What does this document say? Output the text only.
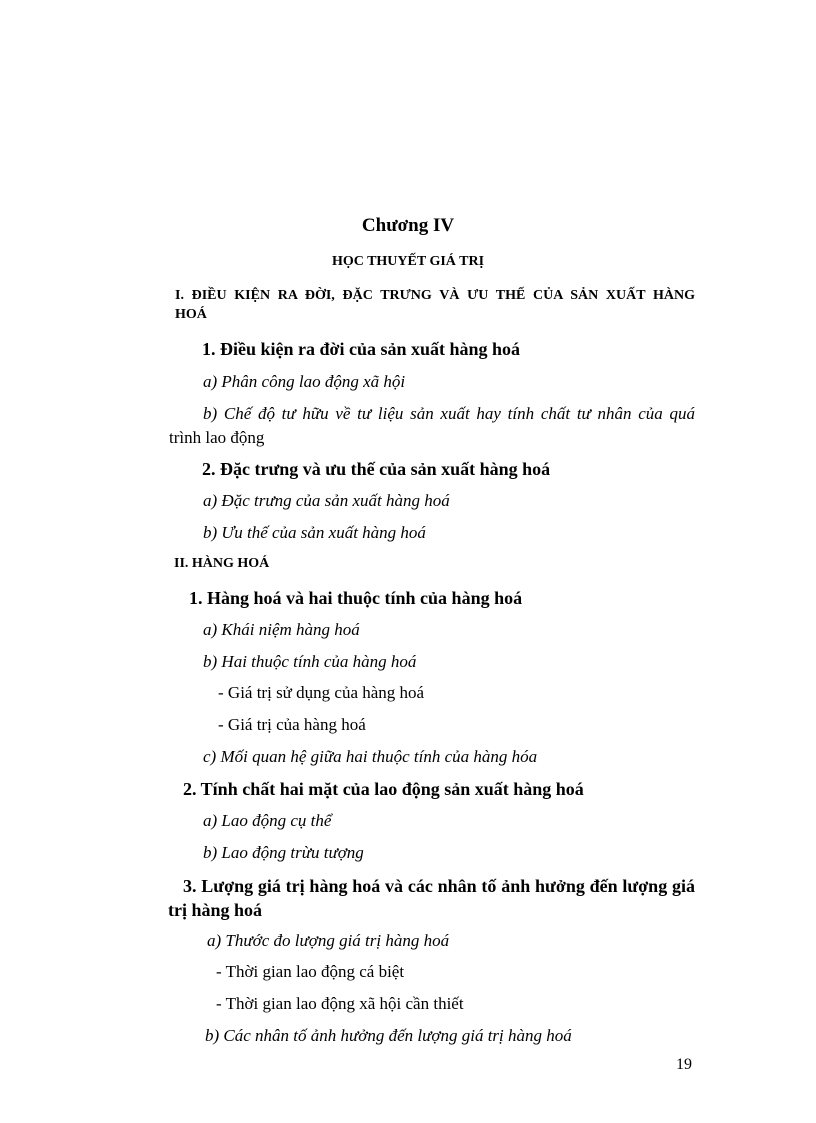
Chương IV
HỌC THUYẾT GIÁ TRỊ
I. ĐIỀU KIỆN RA ĐỜI, ĐẶC TRƯNG VÀ ƯU THẾ CỦA SẢN XUẤT HÀNG
HOÁ
1. Điều kiện ra đời của sản xuất hàng hoá
a) Phân công lao động xã hội
b) Chế độ tư hữu về tư liệu sản xuất hay tính chất tư nhân của quá
trình lao động
2. Đặc trưng và ưu thế của sản xuất hàng hoá
a) Đặc trưng của sản xuất hàng hoá
b) Ưu thế của sản xuất hàng hoá
II. HÀNG HOÁ
1. Hàng hoá và hai thuộc tính của hàng hoá
a) Khái niệm hàng hoá
b) Hai thuộc tính của hàng hoá
- Giá trị sử dụng của hàng hoá
- Giá trị của hàng hoá
c) Mối quan hệ giữa hai thuộc tính của hàng hóa
2. Tính chất hai mặt của lao động sản xuất hàng hoá
a) Lao động cụ thể
b) Lao động trừu tượng
3. Lượng giá trị hàng hoá và các nhân tố ảnh hưởng đến lượng giá
trị hàng hoá
a) Thước đo lượng giá trị hàng hoá
- Thời gian lao động cá biệt
- Thời gian lao động xã hội cần thiết
b) Các nhân tố ảnh hưởng đến lượng giá trị hàng hoá
19
